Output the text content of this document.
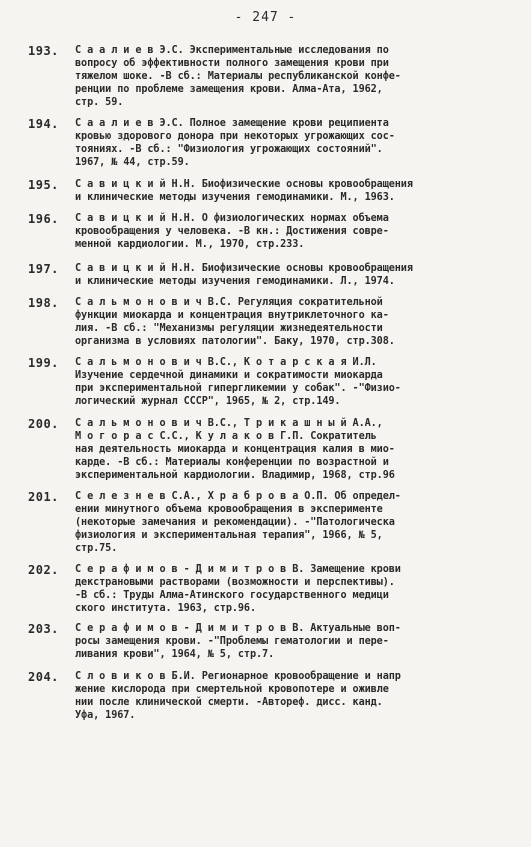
- 247 -
193. С а а л и е в Э.С. Экспериментальные исследования по
вопросу об эффективности полного замещения крови при
тяжелом шоке. -В сб.: Материалы республиканской конфе-
ренции по проблеме замещения крови. Алма-Ата, 1962,
стр. 59.
194. С а а л и е в Э.С. Полное замещение крови реципиента
кровью здорового донора при некоторых угрожающих сос-
тояниях. -В сб.: "Физиология угрожающих состояний".
1967, № 44, стр.59.
195. С а в и ц к и й Н.Н. Биофизические основы кровообращения
и клинические методы изучения гемодинамики. М., 1963.
196. С а в и ц к и й Н.Н. О физиологических нормах объема
кровообращения у человека. -В кн.: Достижения совре-
менной кардиологии. М., 1970, стр.233.
197. С а в и ц к и й Н.Н. Биофизические основы кровообращения
и клинические методы изучения гемодинамики. Л., 1974.
198. С а л ь м о н о в и ч В.С. Регуляция сократительной
функции миокарда и концентрация внутриклеточного ка-
лия. -В сб.: "Механизмы регуляции жизнедеятельности
организма в условиях патологии". Баку, 1970, стр.308.
199. С а л ь м о н о в и ч В.С., К о т а р с к а я И.Л.
Изучение сердечной динамики и сократимости миокарда
при экспериментальной гипергликемии у собак". -"Физио-
логический журнал СССР", 1965, № 2, стр.149.
200. С а л ь м о н о в и ч В.С., Т р и к а ш н ы й А.А.,
М о г о р а с С.С., К у л а к о в Г.П. Сократитель
ная деятельность миокарда и концентрация калия в мио-
карде. -В сб.: Материалы конференции по возрастной и
экспериментальной кардиологии. Владимир, 1968, стр.96
201. С е л е з н е в С.А., Х р а б р о в а О.П. Об определ-
ении минутного объема кровообращения в эксперименте
(некоторые замечания и рекомендации). -"Патологическа
физиология и экспериментальная терапия", 1966, № 5,
стр.75.
202. С е р а ф и м о в - Д и м и т р о в В. Замещение крови
декстрановыми растворами (возможности и перспективы).
-В сб.: Труды Алма-Атинского государственного медици
ского института. 1963, стр.96.
203. С е р а ф и м о в - Д и м и т р о в В. Актуальные воп-
росы замещения крови. -"Проблемы гематологии и пере-
ливания крови", 1964, № 5, стр.7.
204. С л о в и к о в Б.И. Регионарное кровообращение и напр
жение кислорода при смертельной кровопотере и оживле
нии после клинической смерти. -Автореф. дисс. канд.
Уфа, 1967.
